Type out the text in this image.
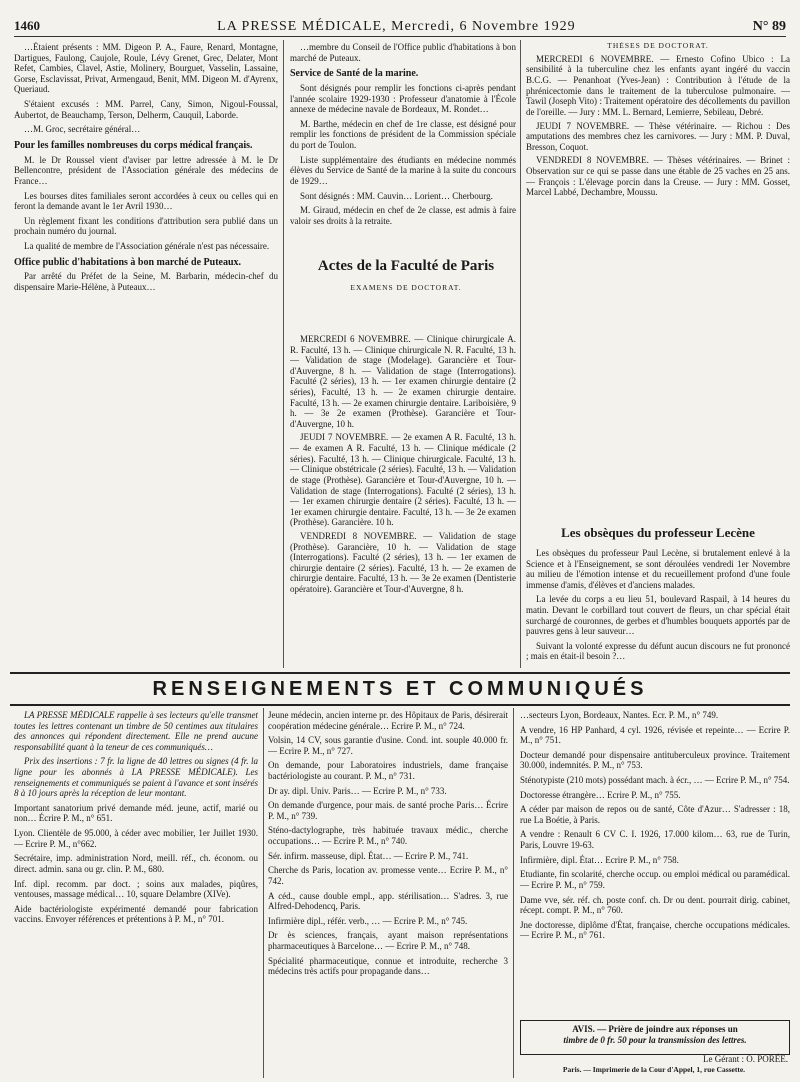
1460	LA PRESSE MÉDICALE, Mercredi, 6 Novembre 1929	N° 89

…Étaient présents : MM. Digeon P. A., Faure, Renard, Montagne, Dartigues, Faulong, Caujole, Roule, Lévy Grenet, Grec, Delater, Mont Refet, Cambies, Clavel, Astie, Molinery, Bourguet, Vasselin, Lassaine, Gorse, Esclavissat, Privat, Armengaud, Benit, MM. Digeon M. d'Ayrenx, Queriaud.

S'étaient excusés : MM. Parrel, Cany, Simon, Nigoul-Foussal, Aubertot, de Beauchamp, Terson, Delherm, Cauquil, Laborde.

…M. Groc, secrétaire général…

Pour les familles nombreuses du corps médical français.

M. le Dr Roussel vient d'aviser par lettre adressée à M. le Dr Bellencontre, président de l'Association générale des médecins de France…

Les bourses dites familiales seront accordées à ceux ou celles qui en feront la demande avant le 1er Avril 1930…

Un règlement fixant les conditions d'attribution sera publié dans un prochain numéro du journal.

La qualité de membre de l'Association générale n'est pas nécessaire.

Office public d'habitations à bon marché de Puteaux.

Par arrêté du Préfet de la Seine, M. Barbarin, médecin-chef du dispensaire Marie-Hélène, à Puteaux…

…membre du Conseil de l'Office public d'habitations à bon marché de Puteaux.

Service de Santé de la marine.

Sont désignés pour remplir les fonctions ci-après pendant l'année scolaire 1929-1930 : Professeur d'anatomie à l'École annexe de médecine navale de Bordeaux, M. Rondet…

M. Barthe, médecin en chef de 1re classe, est désigné pour remplir les fonctions de président de la Commission spéciale du port de Toulon.

Liste supplémentaire des étudiants en médecine nommés élèves du Service de Santé de la marine à la suite du concours de 1929…

Sont désignés : MM. Cauvin… Lorient… Cherbourg.

M. Giraud, médecin en chef de 2e classe, est admis à faire valoir ses droits à la retraite.

Actes de la Faculté de Paris
EXAMENS DE DOCTORAT.

MERCREDI 6 NOVEMBRE. — Clinique chirurgicale A. R. Faculté, 13 h. — Clinique chirurgicale N. R. Faculté, 13 h. — Validation de stage (Modelage). Garancière et Tour-d'Auvergne, 8 h. — Validation de stage (Interrogations). Faculté (2 séries), 13 h. — 1er examen chirurgie dentaire (2 séries), Faculté, 13 h. — 2e examen chirurgie dentaire. Faculté, 13 h. — 2e examen chirurgie dentaire. Lariboisière, 9 h. — 3e 2e examen (Prothèse). Garancière et Tour-d'Auvergne, 10 h.

JEUDI 7 NOVEMBRE. — 2e examen A R. Faculté, 13 h. — 4e examen A R. Faculté, 13 h. — Clinique médicale (2 séries). Faculté, 13 h. — Clinique chirurgicale. Faculté, 13 h. — Clinique obstétricale (2 séries). Faculté, 13 h. — Validation de stage (Prothèse). Garancière et Tour-d'Auvergne, 10 h. — Validation de stage (Interrogations). Faculté (2 séries), 13 h. — 1er examen chirurgie dentaire (2 séries). Faculté, 13 h. — 1er examen chirurgie dentaire. Faculté, 13 h. — 3e 2e examen (Prothèse). Garancière. 10 h.

VENDREDI 8 NOVEMBRE. — Validation de stage (Prothèse). Garancière, 10 h. — Validation de stage (Interrogations). Faculté (2 séries), 13 h. — 1er examen de chirurgie dentaire (2 séries). Faculté, 13 h. — 2e examen de chirurgie dentaire. Faculté, 13 h. — 3e 2e examen (Dentisterie opératoire). Garancière et Tour-d'Auvergne, 8 h.

THÈSES DE DOCTORAT.

MERCREDI 6 NOVEMBRE. — Ernesto Cofino Ubico : La sensibilité à la tuberculine chez les enfants ayant ingéré du vaccin B.C.G. — Penanhoat (Yves-Jean) : Contribution à l'étude de la phrénicectomie dans le traitement de la tuberculose pulmonaire. — Tawil (Joseph Vito) : Traitement opératoire des décollements du pavillon de l'oreille. — Jury : MM. L. Bernard, Lemierre, Sebileau, Debré.

JEUDI 7 NOVEMBRE. — Thèse vétérinaire. — Richou : Des amputations des membres chez les carnivores. — Jury : MM. P. Duval, Bresson, Coquot.

VENDREDI 8 NOVEMBRE. — Thèses vétérinaires. — Brinet : Observation sur ce qui se passe dans une étable de 25 vaches en 25 ans. — François : L'élevage porcin dans la Creuse. — Jury : MM. Gosset, Marcel Labbé, Dechambre, Moussu.

Les obsèques du professeur Lecène

Les obsèques du professeur Paul Lecène, si brutalement enlevé à la Science et à l'Enseignement, se sont déroulées vendredi 1er Novembre au milieu de l'émotion intense et du recueillement profond d'une foule immense d'amis, d'élèves et d'anciens malades.

La levée du corps a eu lieu 51, boulevard Raspail, à 14 heures du matin. Devant le corbillard tout couvert de fleurs, un char spécial était surchargé de couronnes, de gerbes et d'humbles bouquets apportés par de pauvres gens à leur sauveur…

Suivant la volonté expresse du défunt aucun discours ne fut prononcé ; mais en était-il besoin ?…

RENSEIGNEMENTS ET COMMUNIQUÉS

LA PRESSE MÉDICALE rappelle à ses lecteurs qu'elle transmet toutes les lettres contenant un timbre de 50 centimes aux titulaires des annonces qui répondent directement. Elle ne prend aucune responsabilité quant à la teneur de ces communiqués…

Prix des insertions : 7 fr. la ligne de 40 lettres ou signes (4 fr. la ligne pour les abonnés à LA PRESSE MÉDICALE). Les renseignements et communiqués se paient à l'avance et sont insérés 8 à 10 jours après la réception de leur montant.

Important sanatorium privé demande méd. jeune, actif, marié ou non… Écrire P. M., n° 651.

Lyon. Clientèle de 95.000, à céder avec mobilier, 1er Juillet 1930. — Ecrire P. M., n°662.

Secrétaire, imp. administration Nord, meill. réf., ch. économ. ou direct. admin. sana ou gr. clin. P. M., 680.

Inf. dipl. recomm. par doct. ; soins aux malades, piqûres, ventouses, massage médical… 10, square Delambre (XIVe).

Aide bactériologiste expérimenté demandé pour fabrication vaccins. Envoyer références et prétentions à P. M., n° 701.

Jeune médecin, ancien interne pr. des Hôpitaux de Paris, désirerait coopération médecine générale… Ecrire P. M., n° 724.

Volsin, 14 CV, sous garantie d'usine. Cond. int. souple 40.000 fr. — Ecrire P. M., n° 727.

On demande, pour Laboratoires industriels, dame française bactériologiste au courant. P. M., n° 731.

Dr ay. dipl. Univ. Paris… — Ecrire P. M., n° 733.

On demande d'urgence, pour mais. de santé proche Paris… Écrire P. M., n° 739.

Sténo-dactylographe, très habituée travaux médic., cherche occupations… — Ecrire P. M., n° 740.

Sér. infirm. masseuse, dipl. État… — Ecrire P. M., 741.

Cherche ds Paris, location av. promesse vente… Ecrire P. M., n° 742.

A céd., cause double empl., app. stérilisation… S'adres. 3, rue Alfred-Dehodencq, Paris.

Infirmière dipl., référ. verb., … — Ecrire P. M., n° 745.

Dr ès sciences, français, ayant maison représentations pharmaceutiques à Barcelone… — Ecrire P. M., n° 748.

Spécialité pharmaceutique, connue et introduite, recherche 3 médecins très actifs pour propagande dans…

…secteurs Lyon, Bordeaux, Nantes. Ecr. P. M., n° 749.

A vendre, 16 HP Panhard, 4 cyl. 1926, révisée et repeinte… — Ecrire P. M., n° 751.

Docteur demandé pour dispensaire antituberculeux province. Traitement 30.000, indemnités. P. M., n° 753.

Sténotypiste (210 mots) possédant mach. à écr., … — Ecrire P. M., n° 754.

Doctoresse étrangère… Ecrire P. M., n° 755.

A céder par maison de repos ou de santé, Côte d'Azur… S'adresser : 18, rue La Boétie, à Paris.

A vendre : Renault 6 CV C. I. 1926, 17.000 kilom… 63, rue de Turin, Paris, Louvre 19-63.

Infirmière, dipl. État… Ecrire P. M., n° 758.

Etudiante, fin scolarité, cherche occup. ou emploi médical ou paramédical. — Ecrire P. M., n° 759.

Dame vve, sér. réf. ch. poste conf. ch. Dr ou dent. pourrait dirig. cabinet, récept. compt. P. M., n° 760.

Jne doctoresse, diplôme d'État, française, cherche occupations médicales. — Ecrire P. M., n° 761.

AVIS. — Prière de joindre aux réponses un
timbre de 0 fr. 50 pour la transmission des lettres.
Le Gérant : O. PORÉE.
Paris. — Imprimerie de la Cour d'Appel, 1, rue Cassette.
